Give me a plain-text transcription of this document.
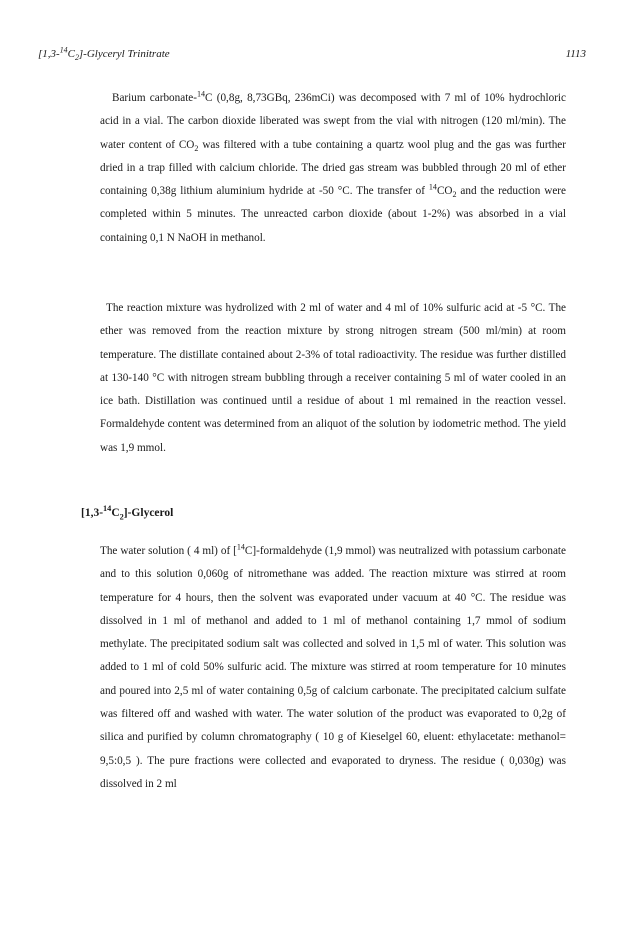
$[1,3-^{14}C_2]$-Glyceryl Trinitrate	1113

Barium carbonate-$^{14}$C (0,8g, 8,73GBq, 236mCi) was decomposed with 7 ml of 10% hydrochloric acid in a vial. The carbon dioxide liberated was swept from the vial with nitrogen (120 ml/min). The water content of $CO_2$ was filtered with a tube containing a quartz wool plug and the gas was further dried in a trap filled with calcium chloride. The dried gas stream was bubbled through 20 ml of ether containing 0,38g lithium aluminium hydride at -50 °C. The transfer of $^{14}CO_2$ and the reduction were completed within 5 minutes. The unreacted carbon dioxide (about 1-2%) was absorbed in a vial containing 0,1 N NaOH in methanol.

The reaction mixture was hydrolized with 2 ml of water and 4 ml of 10% sulfuric acid at -5 °C. The ether was removed from the reaction mixture by strong nitrogen stream (500 ml/min) at room temperature. The distillate contained about 2-3% of total radioactivity. The residue was further distilled at 130-140 °C with nitrogen stream bubbling through a receiver containing 5 ml of water cooled in an ice bath. Distillation was continued until a residue of about 1 ml remained in the reaction vessel. Formaldehyde content was determined from an aliquot of the solution by iodometric method. The yield was 1,9 mmol.

$[1,3-^{14}C_2]$-Glycerol

The water solution ( 4 ml) of [$^{14}$C]-formaldehyde (1,9 mmol) was neutralized with potassium carbonate and to this solution 0,060g of nitromethane was added. The reaction mixture was stirred at room temperature for 4 hours, then the solvent was evaporated under vacuum at 40 °C. The residue was dissolved in 1 ml of methanol and added to 1 ml of methanol containing 1,7 mmol of sodium methylate. The precipitated sodium salt was collected and solved in 1,5 ml of water. This solution was added to 1 ml of cold 50% sulfuric acid. The mixture was stirred at room temperature for 10 minutes and poured into 2,5 ml of water containing 0,5g of calcium carbonate. The precipitated calcium sulfate was filtered off and washed with water. The water solution of the product was evaporated to 0,2g of silica and purified by column chromatography ( 10 g of Kieselgel 60, eluent: ethylacetate: methanol= 9,5:0,5 ). The pure fractions were collected and evaporated to dryness. The residue ( 0,030g) was dissolved in 2 ml
